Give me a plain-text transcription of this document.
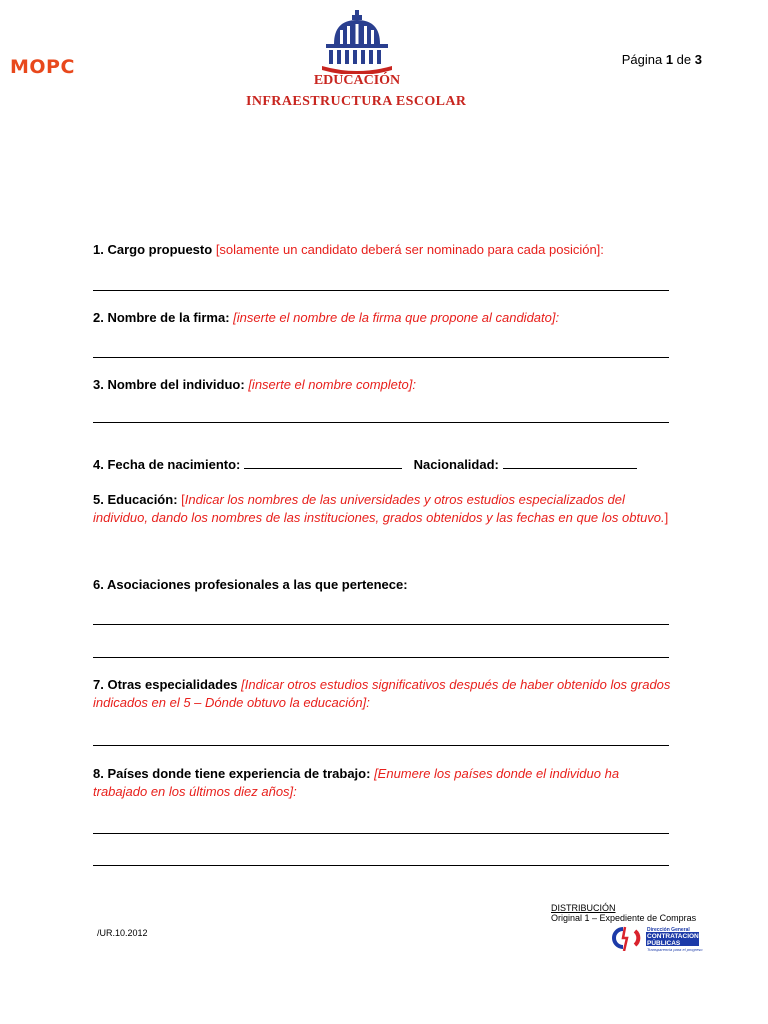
MOPC
EDUCACIÓN
INFRAESTRUCTURA ESCOLAR
Página 1 de 3
1. Cargo propuesto [solamente un candidato deberá ser nominado para cada posición]:
2. Nombre de la firma: [inserte el nombre de la firma que propone al candidato]:
3. Nombre del individuo: [inserte el nombre completo]:
4. Fecha de nacimiento:	Nacionalidad:
5. Educación: [Indicar los nombres de las universidades y otros estudios especializados del individuo, dando los nombres de las instituciones, grados obtenidos y las fechas en que los obtuvo.]
6. Asociaciones profesionales a las que pertenece:
7. Otras especialidades [Indicar otros estudios significativos después de haber obtenido los grados indicados en el 5 – Dónde obtuvo la educación]:
8. Países donde tiene experiencia de trabajo: [Enumere los países donde el individuo ha trabajado en los últimos diez años]:
/UR.10.2012
DISTRIBUCIÓN
Original 1 – Expediente de Compras
Dirección General
CONTRATACIONES
PÚBLICAS
Transparencia para el progreso
